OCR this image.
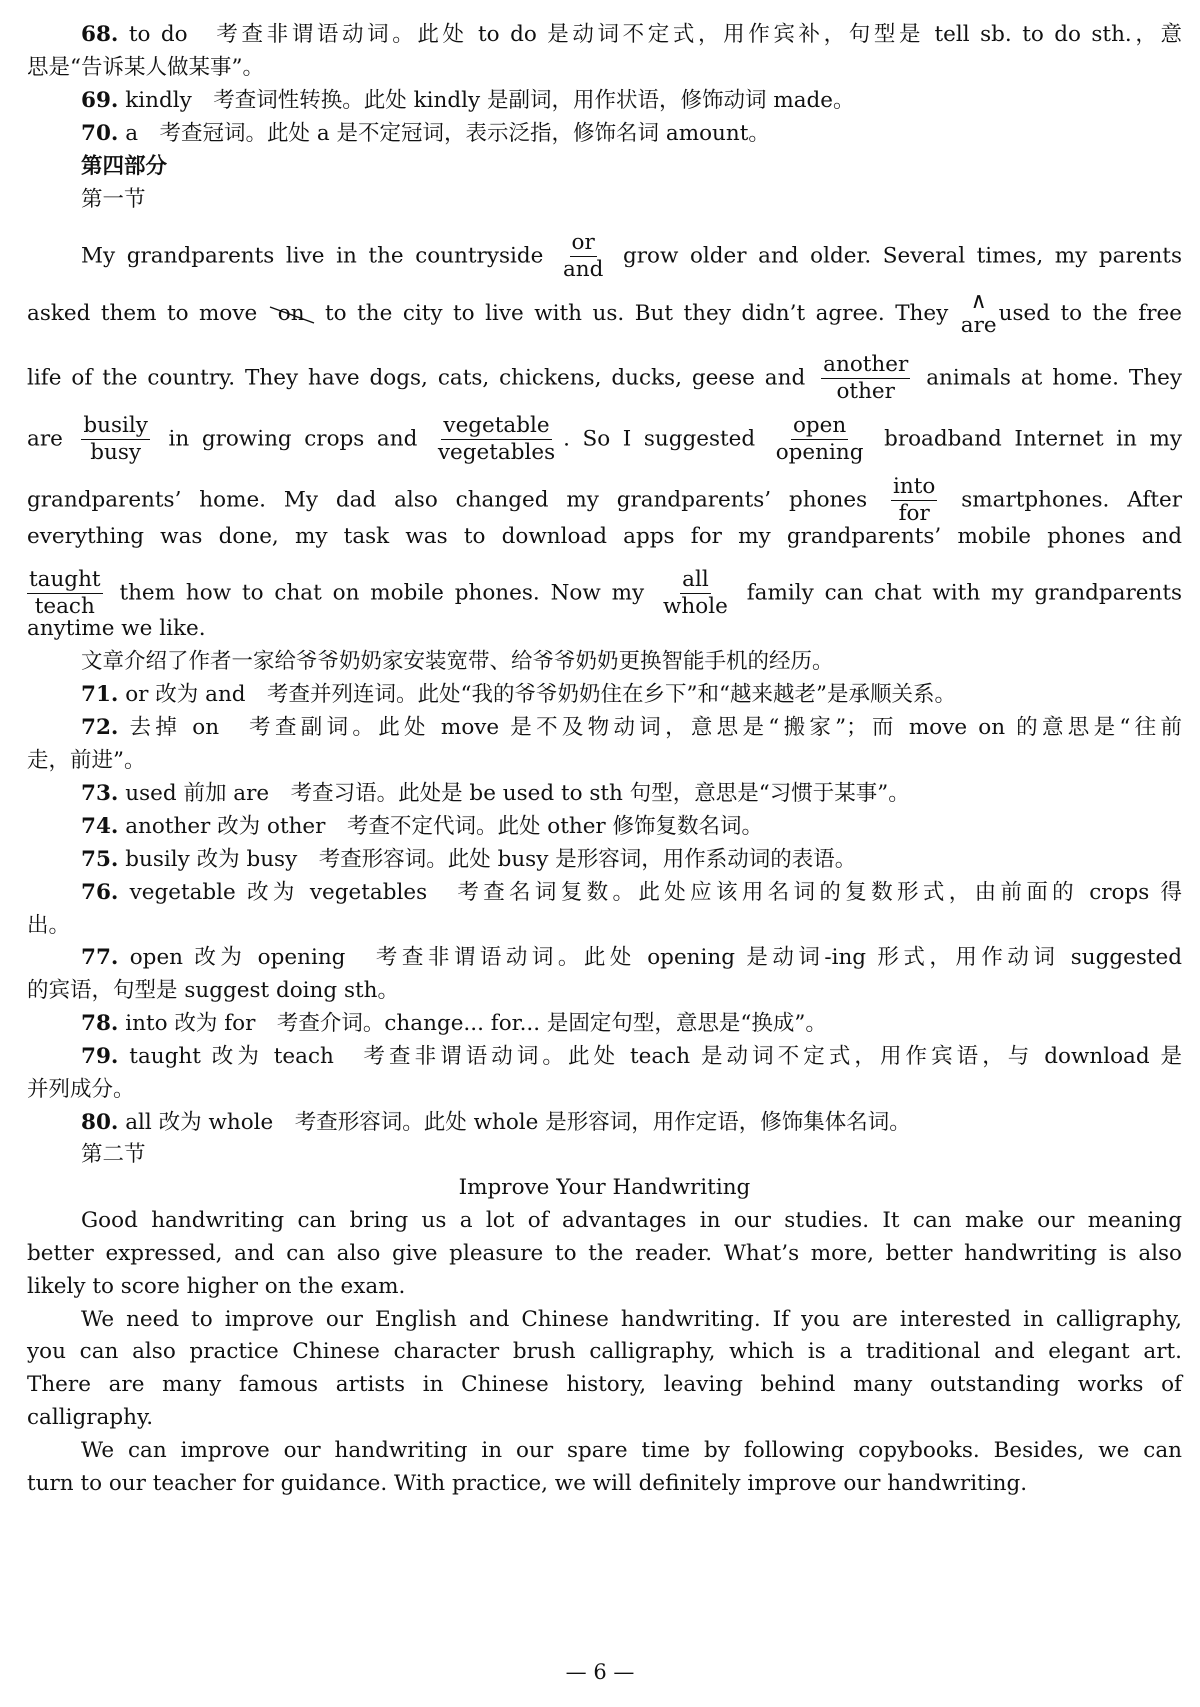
68. to do　考查非谓语动词。此处 to do 是动词不定式，用作宾补，句型是 tell sb. to do sth.，意
思是“告诉某人做某事”。
69. kindly　考查词性转换。此处 kindly 是副词，用作状语，修饰动词 made。
70. a　考查冠词。此处 a 是不定冠词，表示泛指，修饰名词 amount。
第四部分
第一节
My grandparents live in the countryside $\frac{or}{\text{and}}$ grow older and older. Several times, my parents
asked them to move on to the city to live with us. But they didn’t agree. They ∧
are used to the free
life of the country. They have dogs, cats, chickens, ducks, geese and $\frac{\text{another}}{\text{other}}$ animals at home. They
are $\frac{\text{busily}}{\text{busy}}$ in growing crops and $\frac{\text{vegetable}}{\text{vegetables}}$ . So I suggested $\frac{\text{open}}{\text{opening}}$ broadband Internet in my
grandparents’ home. My dad also changed my grandparents’ phones $\frac{\text{into}}{\text{for}}$ smartphones. After
everything was done, my task was to download apps for my grandparents’ mobile phones and
$\frac{\text{taught}}{\text{teach}}$ them how to chat on mobile phones. Now my $\frac{\text{all}}{\text{whole}}$ family can chat with my grandparents
anytime we like.
文章介绍了作者一家给爷爷奶奶家安装宽带、给爷爷奶奶更换智能手机的经历。
71. or 改为 and　考查并列连词。此处“我的爷爷奶奶住在乡下”和“越来越老”是承顺关系。
72. 去掉 on　考查副词。此处 move 是不及物动词，意思是“搬家”；而 move on 的意思是“往前
走，前进”。
73. used 前加 are　考查习语。此处是 be used to sth 句型，意思是“习惯于某事”。
74. another 改为 other　考查不定代词。此处 other 修饰复数名词。
75. busily 改为 busy　考查形容词。此处 busy 是形容词，用作系动词的表语。
76. vegetable 改为 vegetables　考查名词复数。此处应该用名词的复数形式，由前面的 crops 得
出。
77. open 改为 opening　考查非谓语动词。此处 opening 是动词-ing 形式，用作动词 suggested
的宾语，句型是 suggest doing sth。
78. into 改为 for　考查介词。change... for... 是固定句型，意思是“换成”。
79. taught 改为 teach　考查非谓语动词。此处 teach 是动词不定式，用作宾语，与 download 是
并列成分。
80. all 改为 whole　考查形容词。此处 whole 是形容词，用作定语，修饰集体名词。
第二节
Improve Your Handwriting
Good handwriting can bring us a lot of advantages in our studies. It can make our meaning
better expressed, and can also give pleasure to the reader. What’s more, better handwriting is also
likely to score higher on the exam.
We need to improve our English and Chinese handwriting. If you are interested in calligraphy,
you can also practice Chinese character brush calligraphy, which is a traditional and elegant art.
There are many famous artists in Chinese history, leaving behind many outstanding works of
calligraphy.
We can improve our handwriting in our spare time by following copybooks. Besides, we can
turn to our teacher for guidance. With practice, we will definitely improve our handwriting.
— 6 —
